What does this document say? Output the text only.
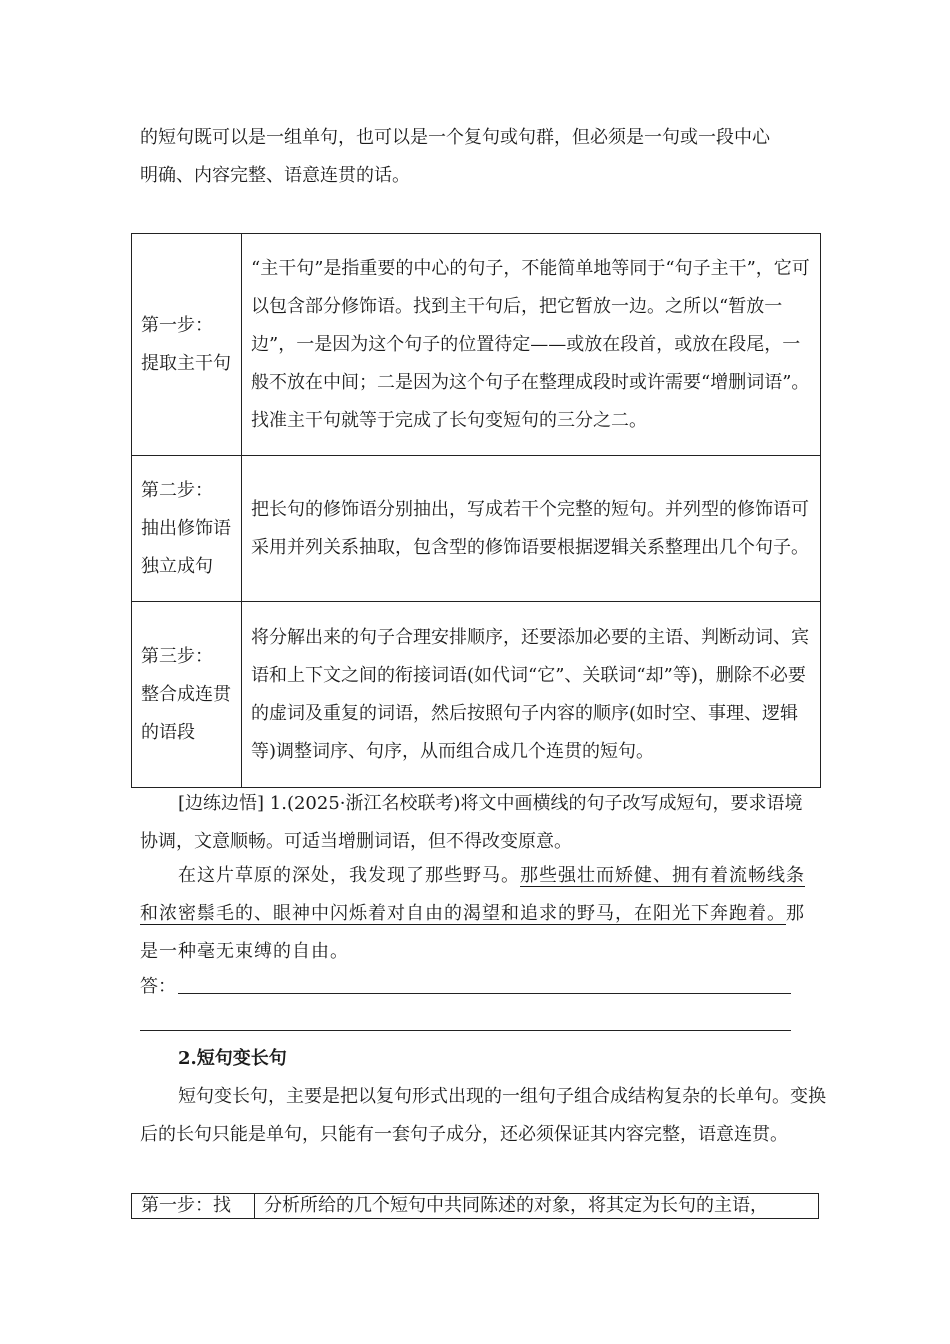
的短句既可以是一组单句，也可以是一个复句或句群，但必须是一句或一段中心

明确、内容完整、语意连贯的话。

第一步：
提取主干句	“主干句”是指重要的中心的句子，不能简单地等同于“句子主干”，它可以包含部分修饰语。找到主干句后，把它暂放一边。之所以“暂放一边”，一是因为这个句子的位置待定——或放在段首，或放在段尾，一般不放在中间；二是因为这个句子在整理成段时或许需要“增删词语”。找准主干句就等于完成了长句变短句的三分之二。

第二步：
抽出修饰语独立成句	把长句的修饰语分别抽出，写成若干个完整的短句。并列型的修饰语可采用并列关系抽取，包含型的修饰语要根据逻辑关系整理出几个句子。

第三步：
整合成连贯的语段	将分解出来的句子合理安排顺序，还要添加必要的主语、判断动词、宾语和上下文之间的衔接词语(如代词“它”、关联词“却”等)，删除不必要的虚词及重复的词语，然后按照句子内容的顺序(如时空、事理、逻辑等)调整词序、句序，从而组合成几个连贯的短句。

[边练边悟] 1.(2025·浙江名校联考)将文中画横线的句子改写成短句，要求语境协调，文意顺畅。可适当增删词语，但不得改变原意。

在这片草原的深处，我发现了那些野马。那些强壮而矫健、拥有着流畅线条和浓密鬃毛的、眼神中闪烁着对自由的渴望和追求的野马，在阳光下奔跑着。那是一种毫无束缚的自由。

答：

2.短句变长句

短句变长句，主要是把以复句形式出现的一组句子组合成结构复杂的长单句。变换后的长句只能是单句，只能有一套句子成分，还必须保证其内容完整，语意连贯。

第一步：找	分析所给的几个短句中共同陈述的对象，将其定为长句的主语，
